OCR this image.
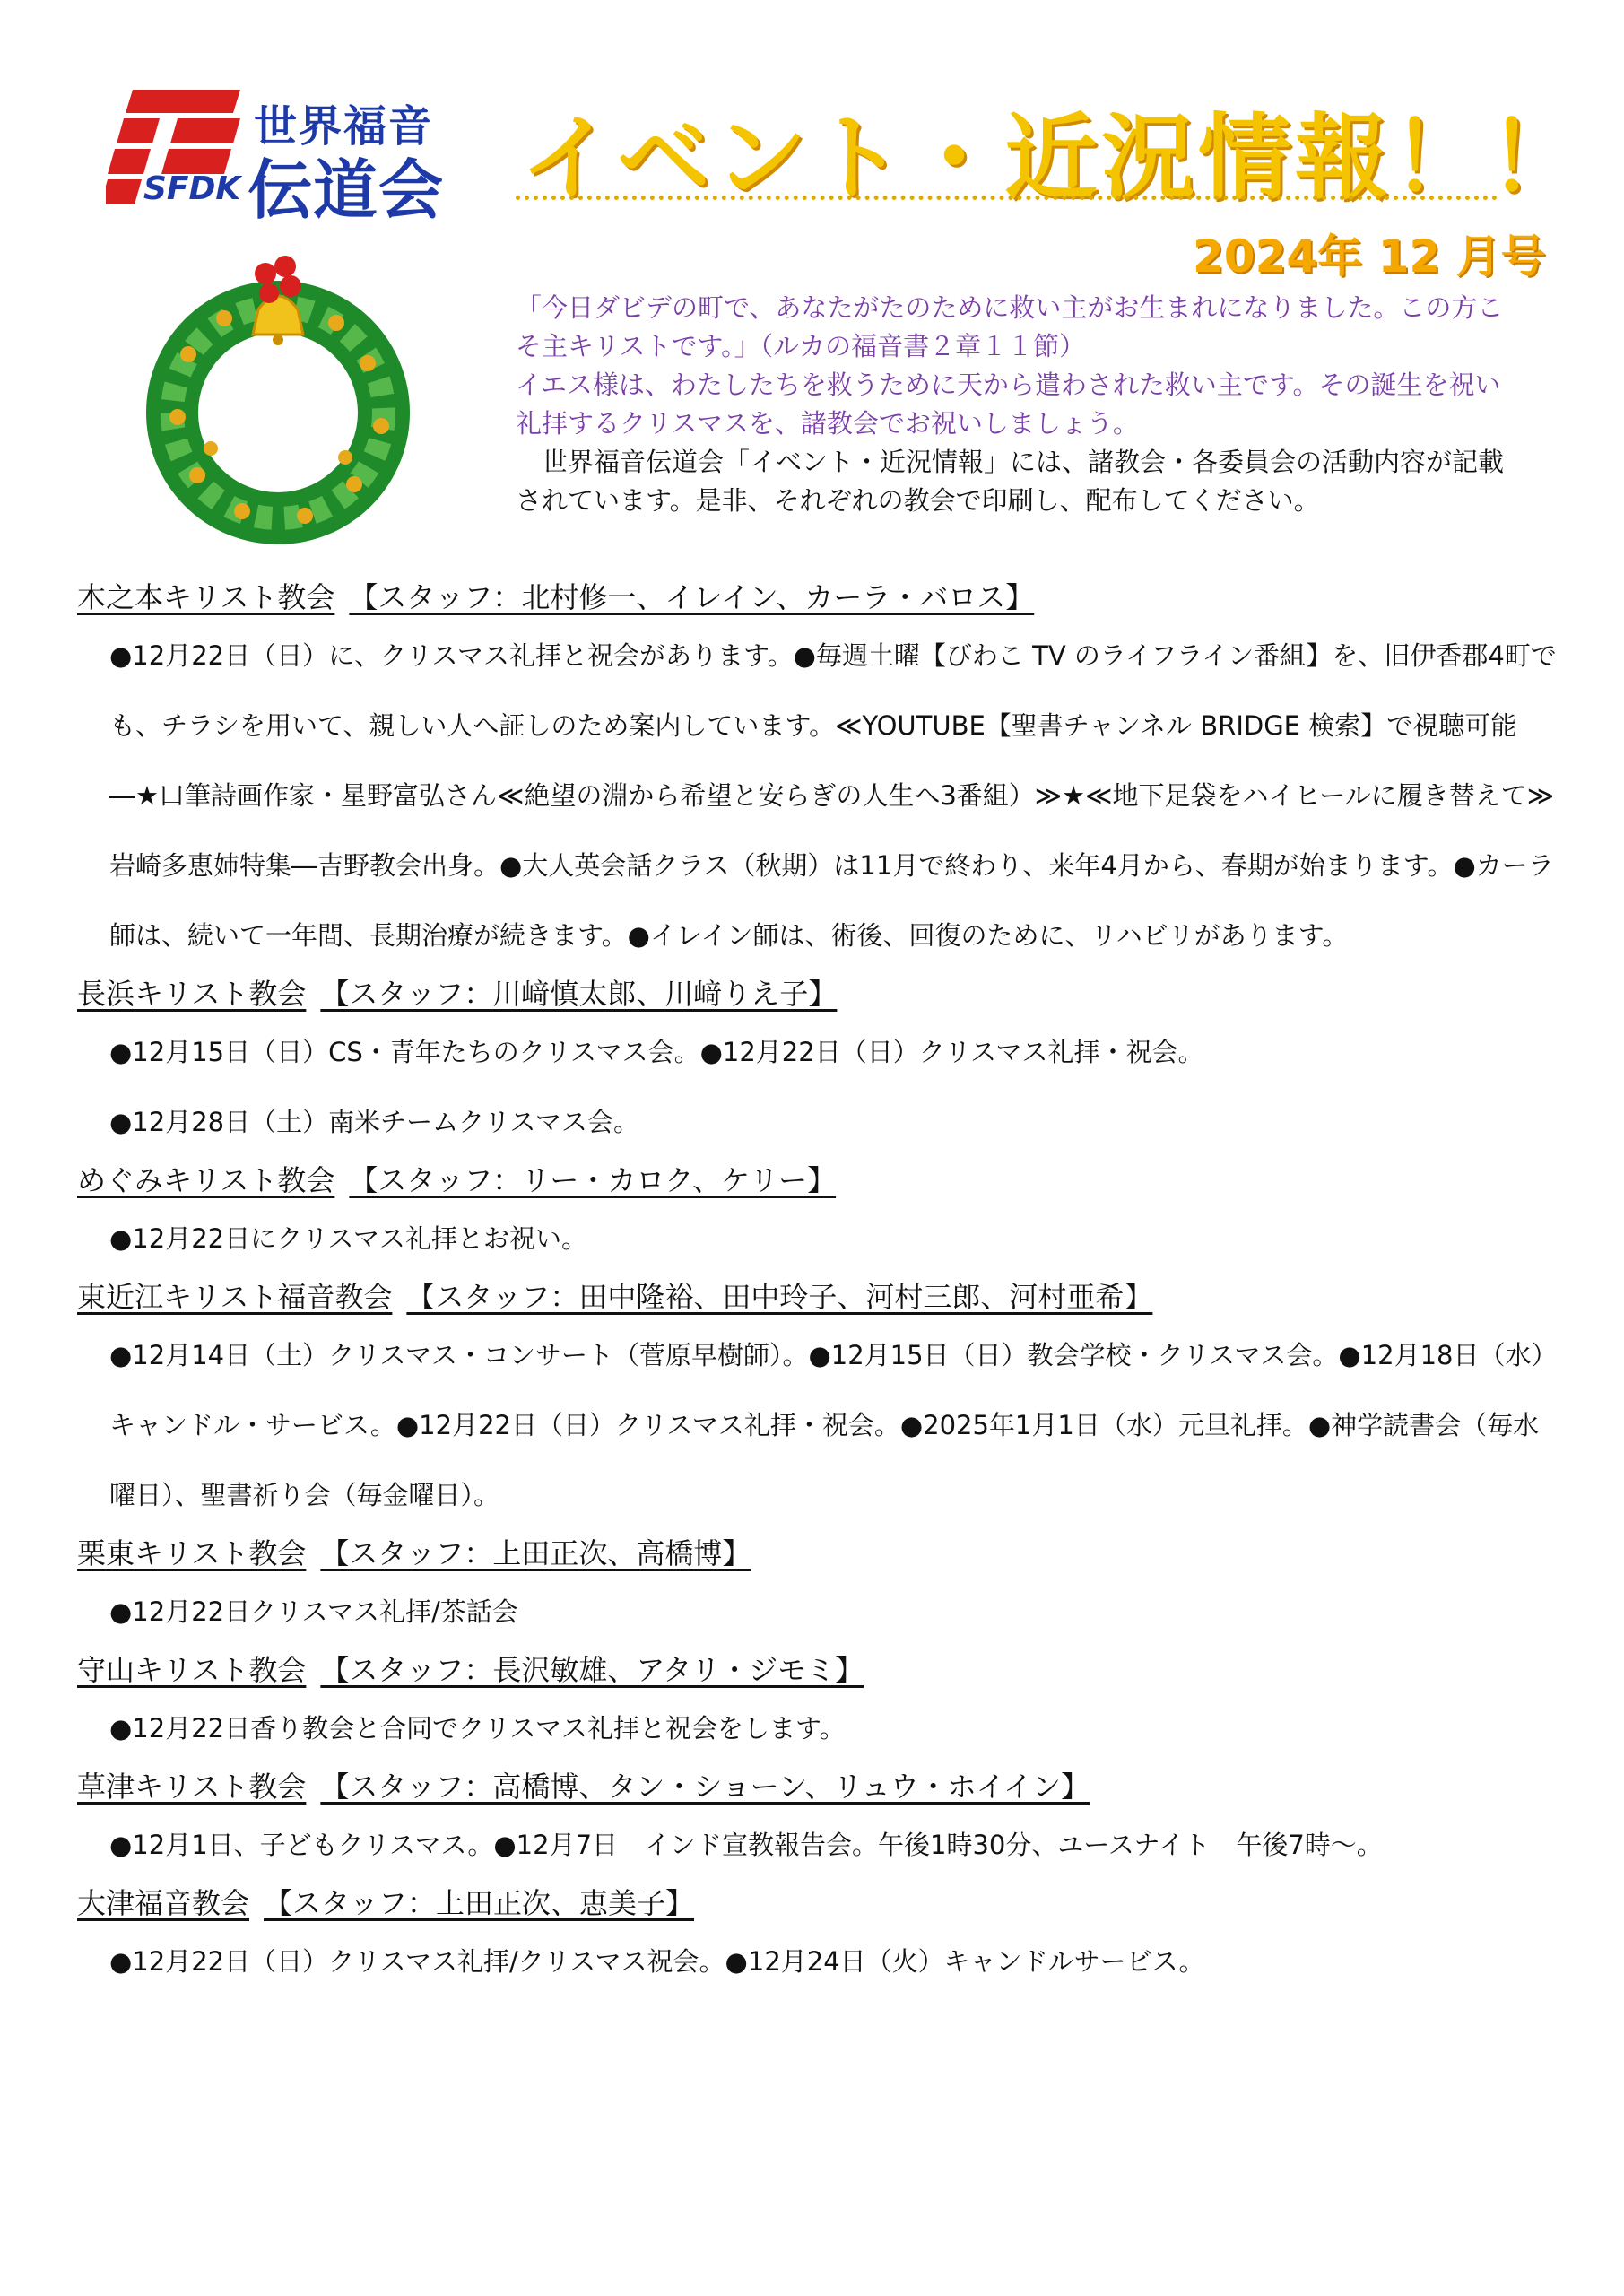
世界福音
伝道会
SFDK	イベント・近況情報！！
2024年 12 月号

「今日ダビデの町で、あなたがたのために救い主がお生まれになりました。この方こそ主キリストです。」（ルカの福音書２章１１節）

イエス様は、わたしたちを救うために天から遣わされた救い主です。その誕生を祝い礼拝するクリスマスを、諸教会でお祝いしましょう。

世界福音伝道会「イベント・近況情報」には、諸教会・各委員会の活動内容が記載されています。是非、それぞれの教会で印刷し、配布してください。

木之本キリスト教会 【スタッフ：北村修一、イレイン、カーラ・バロス】
●12月22日（日）に、クリスマス礼拝と祝会があります。●毎週土曜【びわこ TV のライフライン番組】を、旧伊香郡4町でも、チラシを用いて、親しい人へ証しのため案内しています。≪YOUTUBE【聖書チャンネル BRIDGE 検索】で視聴可能―★口筆詩画作家・星野富弘さん≪絶望の淵から希望と安らぎの人生へ3番組）≫★≪地下足袋をハイヒールに履き替えて≫岩崎多恵姉特集―吉野教会出身。●大人英会話クラス（秋期）は11月で終わり、来年4月から、春期が始まります。●カーラ師は、続いて一年間、長期治療が続きます。●イレイン師は、術後、回復のために、リハビリがあります。
長浜キリスト教会 【スタッフ：川﨑慎太郎、川﨑りえ子】
●12月15日（日）CS・青年たちのクリスマス会。●12月22日（日）クリスマス礼拝・祝会。●12月28日（土）南米チームクリスマス会。
めぐみキリスト教会 【スタッフ：リー・カロク、ケリー】
●12月22日にクリスマス礼拝とお祝い。
東近江キリスト福音教会 【スタッフ：田中隆裕、田中玲子、河村三郎、河村亜希】
●12月14日（土）クリスマス・コンサート（菅原早樹師）。●12月15日（日）教会学校・クリスマス会。●12月18日（水）キャンドル・サービス。●12月22日（日）クリスマス礼拝・祝会。●2025年1月1日（水）元旦礼拝。●神学読書会（毎水曜日）、聖書祈り会（毎金曜日）。
栗東キリスト教会 【スタッフ：上田正次、高橋博】
●12月22日クリスマス礼拝/茶話会
守山キリスト教会 【スタッフ：長沢敏雄、アタリ・ジモミ】
●12月22日香り教会と合同でクリスマス礼拝と祝会をします。
草津キリスト教会 【スタッフ：高橋博、タン・ショーン、リュウ・ホイイン】
●12月1日、子どもクリスマス。●12月7日　インド宣教報告会。午後1時30分、ユースナイト　午後7時～。
大津福音教会 【スタッフ：上田正次、恵美子】
●12月22日（日）クリスマス礼拝/クリスマス祝会。●12月24日（火）キャンドルサービス。
